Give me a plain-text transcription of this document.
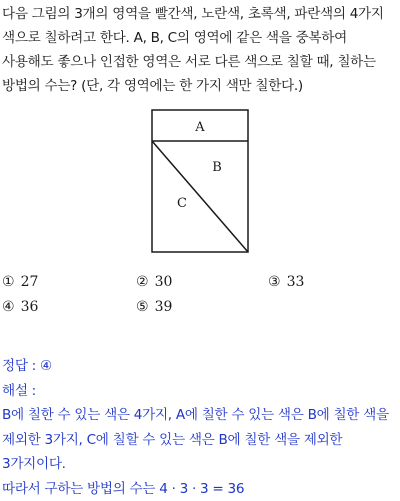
다음 그림의 3개의 영역을 빨간색, 노란색, 초록색, 파란색의 4가지 색으로 칠하려고 한다. A, B, C의 영역에 같은 색을 중복하여 사용해도 좋으나 인접한 영역은 서로 다른 색으로 칠할 때, 칠하는 방법의 수는? (단, 각 영역에는 한 가지 색만 칠한다.)
A
B
C
① 27	② 30	③ 33
④ 36	⑤ 39

정답 : ④

해설 :

B에 칠한 수 있는 색은 4가지, A에 칠한 수 있는 색은 B에 칠한 색을 제외한 3가지, C에 칠할 수 있는 색은 B에 칠한 색을 제외한 3가지이다.

따라서 구하는 방법의 수는 4 · 3 · 3 = 36
